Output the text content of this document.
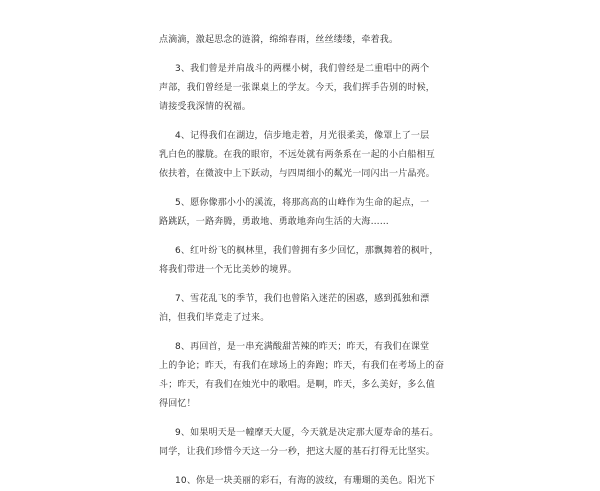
点滴滴，激起思念的涟漪，绵绵春雨，丝丝缕缕，牵着我。
3、我们曾是并肩战斗的两棵小树，我们曾经是二重唱中的两个
声部，我们曾经是一张课桌上的学友。今天，我们挥手告别的时候，
请接受我深情的祝福。
4、记得我们在湖边，信步地走着，月光很柔美，像罩上了一层
乳白色的朦胧。在我的眼帘，不远处就有两条系在一起的小白船相互
依扶着，在微波中上下跃动，与四周细小的粼光一同闪出一片晶亮。
5、愿你像那小小的溪流，将那高高的山峰作为生命的起点，一
路跳跃，一路奔腾，勇敢地、勇敢地奔向生活的大海……
6、红叶纷飞的枫林里，我们曾拥有多少回忆，那飘舞着的枫叶，
将我们带进一个无比美妙的境界。
7、雪花乱飞的季节，我们也曾陷入迷茫的困惑，感到孤独和漂
泊，但我们毕竟走了过来。
8、再回首，是一串充满酸甜苦辣的昨天；昨天，有我们在课堂
上的争论；昨天，有我们在球场上的奔跑；昨天，有我们在考场上的奋
斗；昨天，有我们在烛光中的歌唱。是啊，昨天，多么美好，多么值
得回忆！
9、如果明天是一幢摩天大厦，今天就是决定那大厦寿命的基石。
同学，让我们珍惜今天这一分一秒，把这大厦的基石打得无比坚实。
10、你是一块美丽的彩石，有海的波纹，有珊瑚的美色。阳光下
